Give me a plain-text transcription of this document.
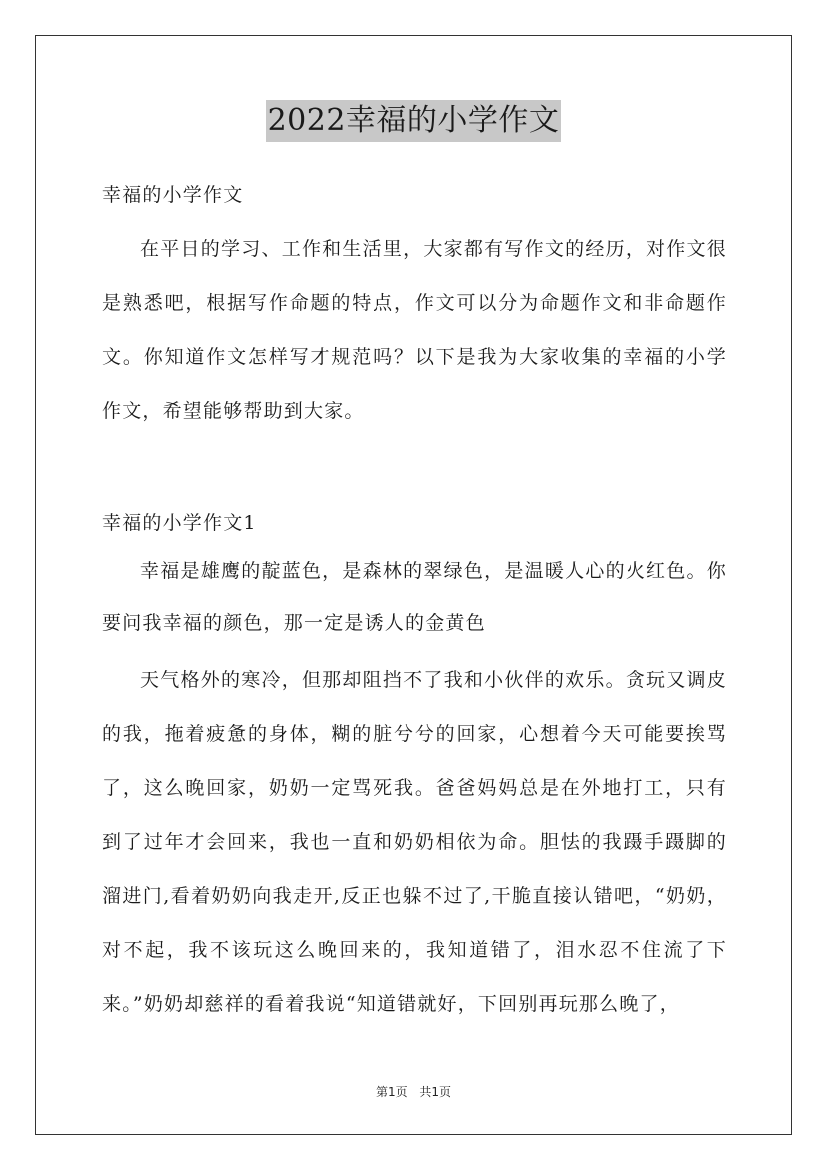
2022幸福的小学作文

幸福的小学作文

在平日的学习、工作和生活里，大家都有写作文的经历，对作文很是熟悉吧，根据写作命题的特点，作文可以分为命题作文和非命题作文。你知道作文怎样写才规范吗？以下是我为大家收集的幸福的小学作文，希望能够帮助到大家。

幸福的小学作文1

幸福是雄鹰的靛蓝色，是森林的翠绿色，是温暖人心的火红色。你要问我幸福的颜色，那一定是诱人的金黄色

天气格外的寒冷，但那却阻挡不了我和小伙伴的欢乐。贪玩又调皮的我，拖着疲惫的身体，糊的脏兮兮的回家，心想着今天可能要挨骂了，这么晚回家，奶奶一定骂死我。爸爸妈妈总是在外地打工，只有到了过年才会回来，我也一直和奶奶相依为命。胆怯的我蹑手蹑脚的溜进门,看着奶奶向我走开,反正也躲不过了,干脆直接认错吧，“奶奶，对不起，我不该玩这么晚回来的，我知道错了，泪水忍不住流了下来。”奶奶却慈祥的看着我说“知道错就好，下回别再玩那么晚了，

第1页 共1页
